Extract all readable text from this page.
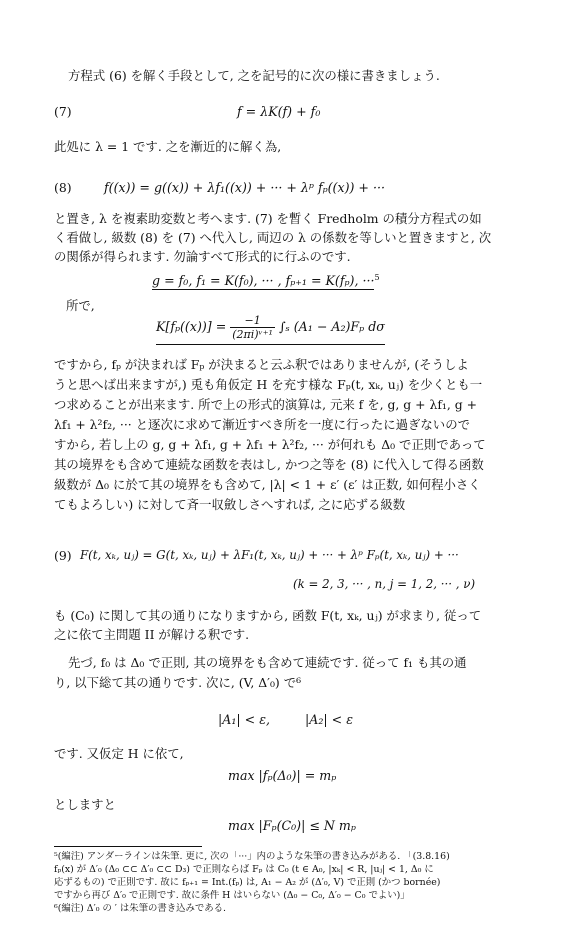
方程式 (6) を解く手段として, 之を記号的に次の様に書きましょう.
(7)	f = λK(f) + f₀
此処に λ = 1 です. 之を漸近的に解く為,
(8)	f((x)) = g((x)) + λf₁((x)) + ··· + λᵖ fₚ((x)) + ···
と置き, λ を複素助変数と考へます. (7) を暫く Fredholm の積分方程式の如
く看做し, 級数 (8) を (7) へ代入し, 両辺の λ の係数を等しいと置きますと, 次
の関係が得られます. 勿論すべて形式的に行ふのです.
g = f₀, f₁ = K(f₀), ··· , fₚ₊₁ = K(fₚ), ···$^5$
所で,
$K[f_p((x))] = \frac{-1}{\text{(2πi)ᵛ⁺¹}} \int_s$ (A₁ − A₂)Fₚ dσ
ですから, fₚ が決まれば Fₚ が決まると云ふ釈ではありませんが, (そうしよ
うと思へば出来ますが,) 兎も角仮定 H を充す様な Fₚ(t, xₖ, uⱼ) を少くとも一
つ求めることが出来ます. 所で上の形式的演算は, 元来 f を, g, g + λf₁, g +
λf₁ + λ²f₂, ··· と逐次に求めて漸近すべき所を一度に行ったに過ぎないので
すから, 若し上の g, g + λf₁, g + λf₁ + λ²f₂, ··· が何れも Δ₀ で正則であって
其の境界をも含めて連続な函数を表はし, かつ之等を (8) に代入して得る函数
級数が Δ₀ に於て其の境界をも含めて, |λ| < 1 + ε′ (ε′ は正数, 如何程小さく
てもよろしい) に対して斉一収斂しさへすれば, 之に応ずる級数
(9) F(t, xₖ, uⱼ) = G(t, xₖ, uⱼ) + λF₁(t, xₖ, uⱼ) + ··· + λᵖ Fₚ(t, xₖ, uⱼ) + ···
(k = 2, 3, ··· , n, j = 1, 2, ··· , ν)
も (C₀) に関して其の通りになりますから, 函数 F(t, xₖ, uⱼ) が求まり, 従って
之に依て主問題 II が解ける釈です.
先づ, f₀ は Δ₀ で正則, 其の境界をも含めて連続です. 従って f₁ も其の通
り, 以下総て其の通りです. 次に, (V, Δ′₀) で⁶
|A₁| < ε,	|A₂| < ε
です. 又仮定 H に依て,
max |fₚ(Δ₀)| = mₚ
としますと
max |Fₚ(C₀)| ≤ N mₚ
⁵(編注) アンダーラインは朱筆. 更に, 次の「···」内のような朱筆の書き込みがある. 「(3.8.16)
fₚ(x) が Δ′₀ (Δ₀ ⊂⊂ Δ′₀ ⊂⊂ D₃) で正則ならば Fₚ は C₀ (t ∈ A₀, |xₖ| < R, |uⱼ| < 1, Δ₀ に
応ずるもの) で正則です. 故に fₚ₊₁ = Int.(fₚ) は, A₁ − A₂ が (Δ′₀, V) で正則 (かつ bornée)
ですから再び Δ′₀ で正則です. 故に条件 H はいらない (Δ₀ − C₀, Δ′₀ − C₀ でよい)」
⁶(編注) Δ′₀ の ′ は朱筆の書き込みである.
